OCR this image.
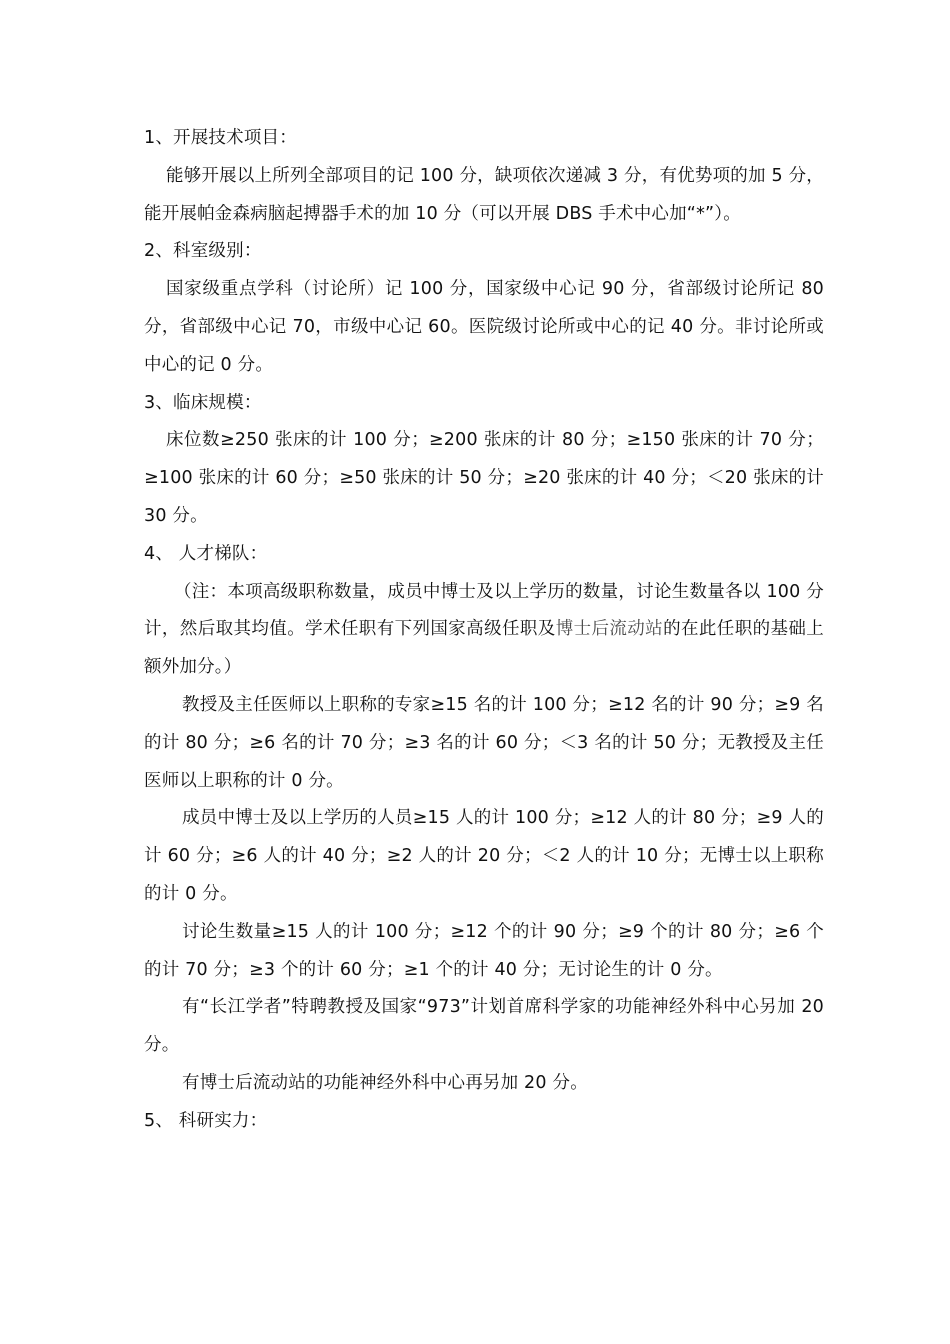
1、开展技术项目：

能够开展以上所列全部项目的记 100 分，缺项依次递减 3 分，有优势项的加 5 分，能开展帕金森病脑起搏器手术的加 10 分（可以开展 DBS 手术中心加“*”）。

2、科室级别：

国家级重点学科（讨论所）记 100 分，国家级中心记 90 分，省部级讨论所记 80 分，省部级中心记 70，市级中心记 60。医院级讨论所或中心的记 40 分。非讨论所或中心的记 0 分。

3、临床规模：

床位数≥250 张床的计 100 分；≥200 张床的计 80 分；≥150 张床的计 70 分；≥100 张床的计 60 分；≥50 张床的计 50 分；≥20 张床的计 40 分；＜20 张床的计 30 分。

4、 人才梯队：

（注：本项高级职称数量，成员中博士及以上学历的数量，讨论生数量各以 100 分计，然后取其均值。学术任职有下列国家高级任职及博士后流动站的在此任职的基础上额外加分。）

教授及主任医师以上职称的专家≥15 名的计 100 分；≥12 名的计 90 分；≥9 名的计 80 分；≥6 名的计 70 分；≥3 名的计 60 分；＜3 名的计 50 分；无教授及主任医师以上职称的计 0 分。

成员中博士及以上学历的人员≥15 人的计 100 分；≥12 人的计 80 分；≥9 人的计 60 分；≥6 人的计 40 分；≥2 人的计 20 分；＜2 人的计 10 分；无博士以上职称的计 0 分。

讨论生数量≥15 人的计 100 分；≥12 个的计 90 分；≥9 个的计 80 分；≥6 个的计 70 分；≥3 个的计 60 分；≥1 个的计 40 分；无讨论生的计 0 分。

有“长江学者”特聘教授及国家“973”计划首席科学家的功能神经外科中心另加 20 分。

有博士后流动站的功能神经外科中心再另加 20 分。

5、 科研实力：
